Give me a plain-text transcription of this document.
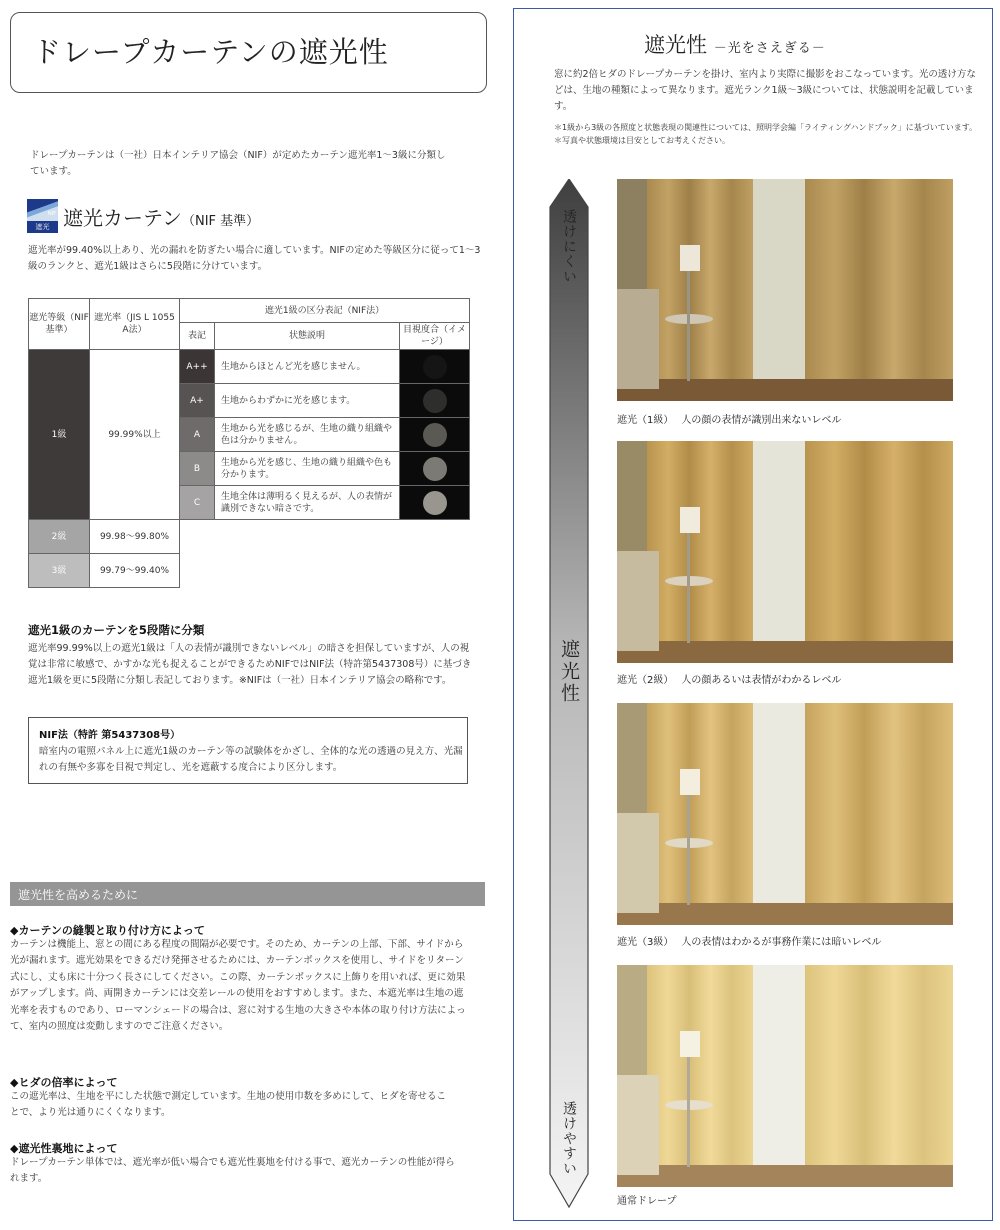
ドレープカーテンの遮光性
ドレープカーテンは（一社）日本インテリア協会（NIF）が定めたカーテン遮光率1〜3級に分類しています。
NIF
遮光 遮光カーテン（NIF 基準）
遮光率が99.40%以上あり、光の漏れを防ぎたい場合に適しています。NIFの定めた等級区分に従って1〜3級のランクと、遮光1級はさらに5段階に分けています。
遮光等級（NIF基準）	遮光率（JIS L 1055 A法）	遮光1級の区分表記（NIF法）		
		表記	状態説明	目視度合（イメージ）
1級	99.99%以上	A++	生地からほとんど光を感じません。	
		A+	生地からわずかに光を感じます。	
		A	生地から光を感じるが、生地の織り組織や色は分かりません。	
		B	生地から光を感じ、生地の織り組織や色も分かります。	
		C	生地全体は薄明るく見えるが、人の表情が識別できない暗さです。	
2級	99.98〜99.80%			
3級	99.79〜99.40%			
遮光1級のカーテンを5段階に分類
遮光率99.99%以上の遮光1級は「人の表情が識別できないレベル」の暗さを担保していますが、人の視覚は非常に敏感で、かすかな光も捉えることができるためNIFではNIF法（特許第5437308号）に基づき遮光1級を更に5段階に分類し表記しております。※NIFは（一社）日本インテリア協会の略称です。
NIF法（特許 第5437308号）
暗室内の電照パネル上に遮光1級のカーテン等の試験体をかざし、全体的な光の透過の見え方、光漏れの有無や多寡を目視で判定し、光を遮蔽する度合により区分します。
遮光性を高めるために
◆カーテンの縫製と取り付け方によって
カーテンは機能上、窓との間にある程度の間隔が必要です。そのため、カーテンの上部、下部、サイドから光が漏れます。遮光効果をできるだけ発揮させるためには、カーテンボックスを使用し、サイドをリターン式にし、丈も床に十分つく長さにしてください。この際、カーテンボックスに上飾りを用いれば、更に効果がアップします。尚、両開きカーテンには交差レールの使用をおすすめします。また、本遮光率は生地の遮光率を表すものであり、ローマンシェードの場合は、窓に対する生地の大きさや本体の取り付け方法によって、室内の照度は変動しますのでご注意ください。
◆ヒダの倍率によって
この遮光率は、生地を平にした状態で測定しています。生地の使用巾数を多めにして、ヒダを寄せることで、より光は通りにくくなります。
◆遮光性裏地によって
ドレープカーテン単体では、遮光率が低い場合でも遮光性裏地を付ける事で、遮光カーテンの性能が得られます。
遮光性 －光をさえぎる－
窓に約2倍ヒダのドレープカーテンを掛け、室内より実際に撮影をおこなっています。光の透け方などは、生地の種類によって異なります。遮光ランク1級〜3級については、状態説明を記載しています。
＊1級から3級の各照度と状態表現の関連性については、照明学会編「ライティングハンドブック」に基づいています。＊写真や状態環境は目安としてお考えください。
透けにくい
遮光性
透けやすい
遮光（1級） 人の顔の表情が識別出来ないレベル
遮光（2級） 人の顔あるいは表情がわかるレベル
遮光（3級） 人の表情はわかるが事務作業には暗いレベル
通常ドレープ
